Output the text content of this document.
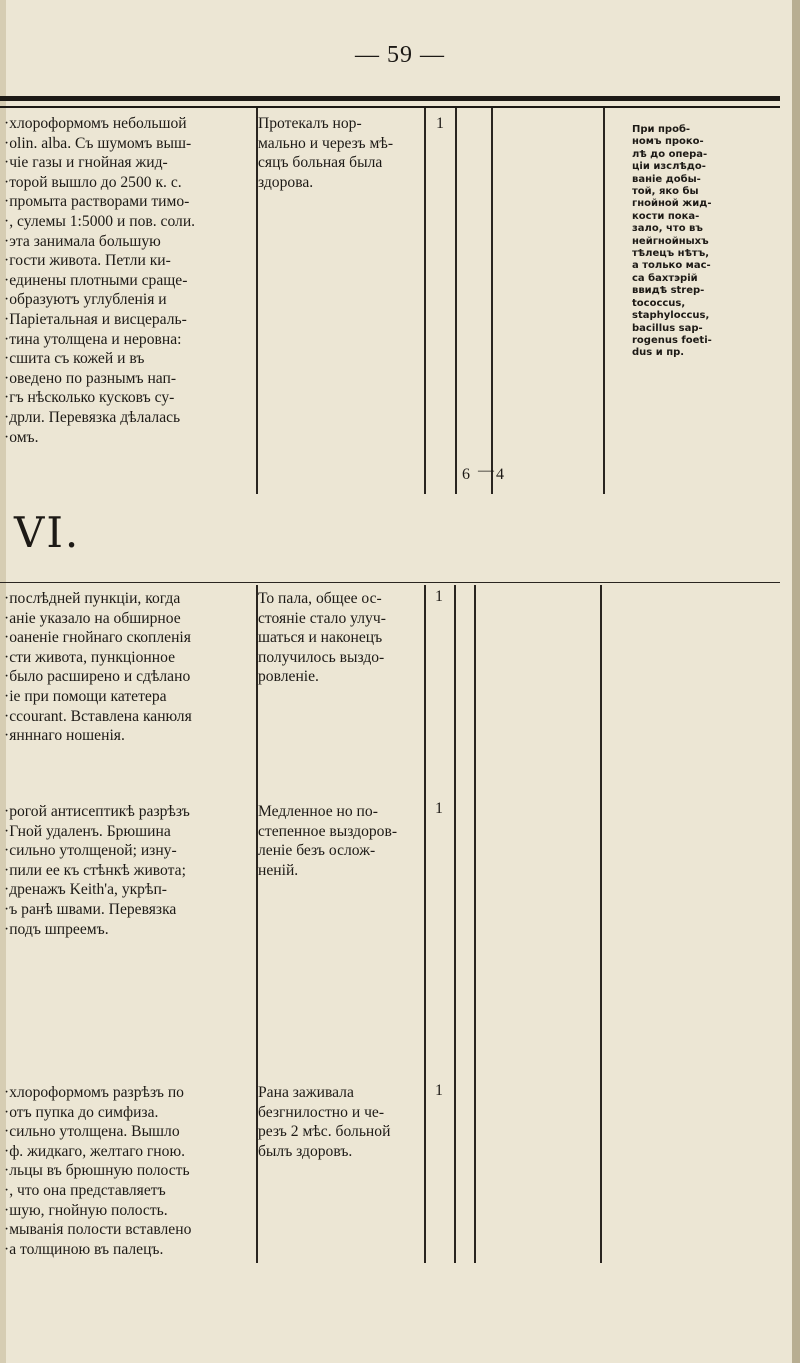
— 59 —
·хлороформомъ небольшой
·olin. alba. Съ шумомъ выш-
·чіе газы и гнойная жид-
·торой вышло до 2500 к. с.
·промыта растворами тимо-
·, сулемы 1:5000 и пов. соли.
·эта занимала большую
·гости живота. Петли ки-
·единены плотными сраще-
·образуютъ углубленія и
·Паріетальная и висцераль-
·тина утолщена и неровна:
·сшита съ кожей и въ
·оведено по разнымъ нап-
·гъ нѣсколько кусковъ су-
·дрли. Перевязка дѣлалась
·омъ.
Протекалъ нор-
мально и черезъ мѣ-
сяцъ больная была
здорова.
1	При проб-
номъ проко-
лѣ до опера-
ціи изслѣдо-
ваніе добы-
той, яко бы
гнойной жид-
кости пока-
зало, что въ
нейгнойныхъ
тѣлецъ нѣтъ,
а только мас-
са бахтэрій
ввидѣ strep-
tococcus,
staphyloccus,
bacillus sap-
rogenus foeti-
dus и пр.
6 — 4
VI.
·послѣдней пункціи, когда
·аніе указало на обширное
·оаненіе гнойнаго скопленія
·сти живота, пункціонное
·было расширено и сдѣлано
·іе при помощи катетера
·ccourant. Вставлена канюля
·янннаго ношенія.
То пала, общее ос-
стояніе стало улуч-
шаться и наконецъ
получилось выздо-
ровленіе.
1
·рогой антисептикѣ разрѣзъ
·Гной удаленъ. Брюшина
·сильно утолщеной; изну-
·пили ее къ стѣнкѣ живота;
·дренажъ Keith'a, укрѣп-
·ъ ранѣ швами. Перевязка
·подъ шпреемъ.
Медленное но по-
степенное выздоров-
леніе безъ ослож-
неній.
1
·хлороформомъ разрѣзъ по
·отъ пупка до симфиза.
·сильно утолщена. Вышло
·ф. жидкаго, желтаго гною.
·льцы въ брюшную полость
·, что она представляетъ
·шую, гнойную полость.
·мыванія полости вставлено
·а толщиною въ палецъ.
Рана заживала
безгнилостно и че-
резъ 2 мѣс. больной
былъ здоровъ.
1
